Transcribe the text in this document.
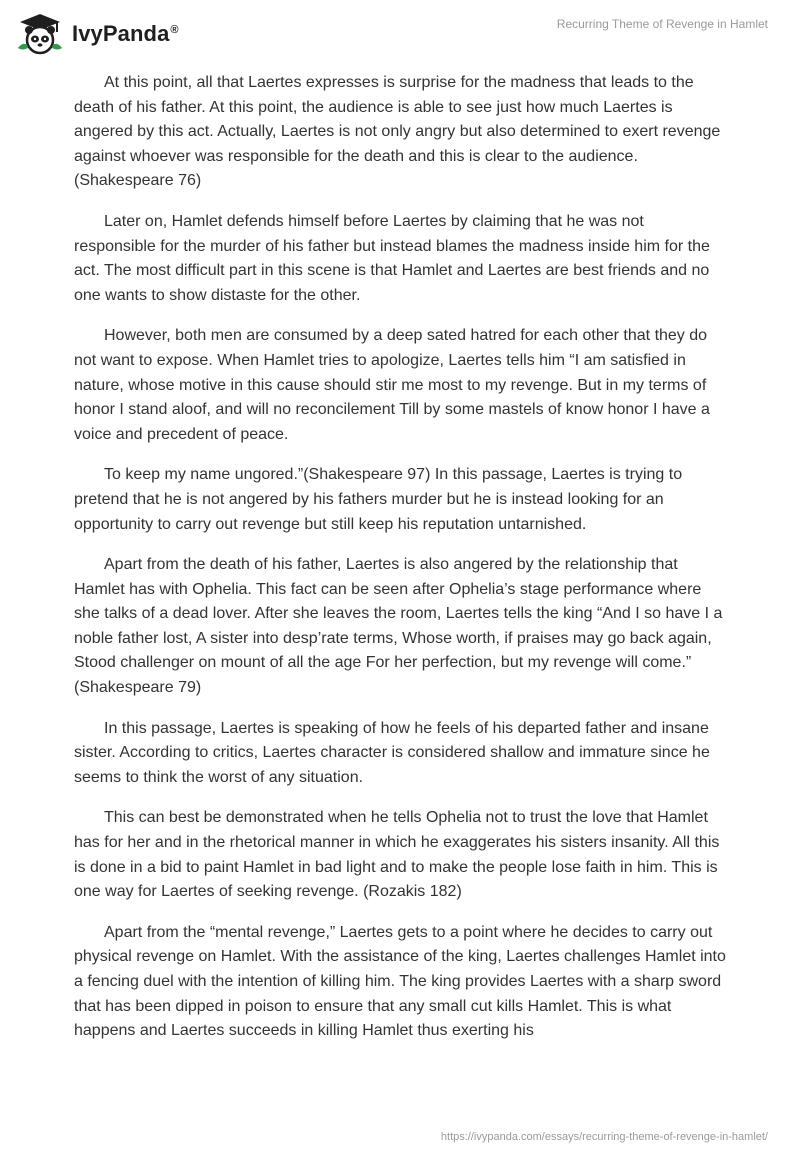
IvyPanda®	Recurring Theme of Revenge in Hamlet

At this point, all that Laertes expresses is surprise for the madness that leads to the death of his father. At this point, the audience is able to see just how much Laertes is angered by this act. Actually, Laertes is not only angry but also determined to exert revenge against whoever was responsible for the death and this is clear to the audience. (Shakespeare 76)

Later on, Hamlet defends himself before Laertes by claiming that he was not responsible for the murder of his father but instead blames the madness inside him for the act. The most difficult part in this scene is that Hamlet and Laertes are best friends and no one wants to show distaste for the other.

However, both men are consumed by a deep sated hatred for each other that they do not want to expose. When Hamlet tries to apologize, Laertes tells him “I am satisfied in nature, whose motive in this cause should stir me most to my revenge. But in my terms of honor I stand aloof, and will no reconcilement Till by some mastels of know honor I have a voice and precedent of peace.

To keep my name ungored.”(Shakespeare 97) In this passage, Laertes is trying to pretend that he is not angered by his fathers murder but he is instead looking for an opportunity to carry out revenge but still keep his reputation untarnished.

Apart from the death of his father, Laertes is also angered by the relationship that Hamlet has with Ophelia. This fact can be seen after Ophelia’s stage performance where she talks of a dead lover. After she leaves the room, Laertes tells the king “And I so have I a noble father lost, A sister into desp’rate terms, Whose worth, if praises may go back again, Stood challenger on mount of all the age For her perfection, but my revenge will come.” (Shakespeare 79)

In this passage, Laertes is speaking of how he feels of his departed father and insane sister. According to critics, Laertes character is considered shallow and immature since he seems to think the worst of any situation.

This can best be demonstrated when he tells Ophelia not to trust the love that Hamlet has for her and in the rhetorical manner in which he exaggerates his sisters insanity. All this is done in a bid to paint Hamlet in bad light and to make the people lose faith in him. This is one way for Laertes of seeking revenge. (Rozakis 182)

Apart from the “mental revenge,” Laertes gets to a point where he decides to carry out physical revenge on Hamlet. With the assistance of the king, Laertes challenges Hamlet into a fencing duel with the intention of killing him. The king provides Laertes with a sharp sword that has been dipped in poison to ensure that any small cut kills Hamlet. This is what happens and Laertes succeeds in killing Hamlet thus exerting his

https://ivypanda.com/essays/recurring-theme-of-revenge-in-hamlet/
